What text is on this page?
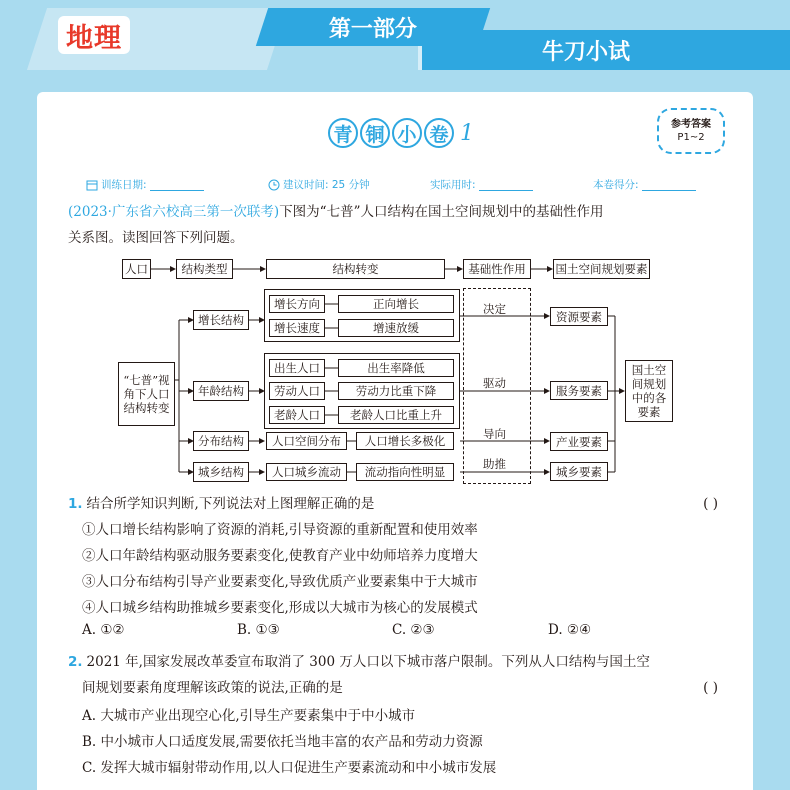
地理	牛刀小试
第一部分
青 铜 小 卷 1	参考答案
P1~2
训练日期:	建议时间: 25 分钟	实际用时:	本卷得分:
(2023·广东省六校高三第一次联考)下图为“七普”人口结构在国土空间规划中的基础性作用
关系图。读图回答下列问题。
人口	结构类型	结构转变	基础性作用	国土空间规划要素
“七普”视角下人口结构转变
增长结构
年龄结构
分布结构
城乡结构
增长方向	正向增长
增长速度	增速放缓
出生人口	出生率降低
劳动人口	劳动力比重下降
老龄人口	老龄人口比重上升
人口空间分布	人口增长多极化
人口城乡流动	流动指向性明显
决定
驱动
导向
助推
资源要素
服务要素
产业要素
城乡要素
国土空间规划中的各要素
1. 结合所学知识判断,下列说法对上图理解正确的是	( )
①人口增长结构影响了资源的消耗,引导资源的重新配置和使用效率
②人口年龄结构驱动服务要素变化,使教育产业中幼师培养力度增大
③人口分布结构引导产业要素变化,导致优质产业要素集中于大城市
④人口城乡结构助推城乡要素变化,形成以大城市为核心的发展模式
A. ①②	B. ①③	C. ②③	D. ②④
2. 2021 年,国家发展改革委宣布取消了 300 万人口以下城市落户限制。下列从人口结构与国土空
间规划要素角度理解该政策的说法,正确的是	( )
A. 大城市产业出现空心化,引导生产要素集中于中小城市
B. 中小城市人口适度发展,需要依托当地丰富的农产品和劳动力资源
C. 发挥大城市辐射带动作用,以人口促进生产要素流动和中小城市发展
